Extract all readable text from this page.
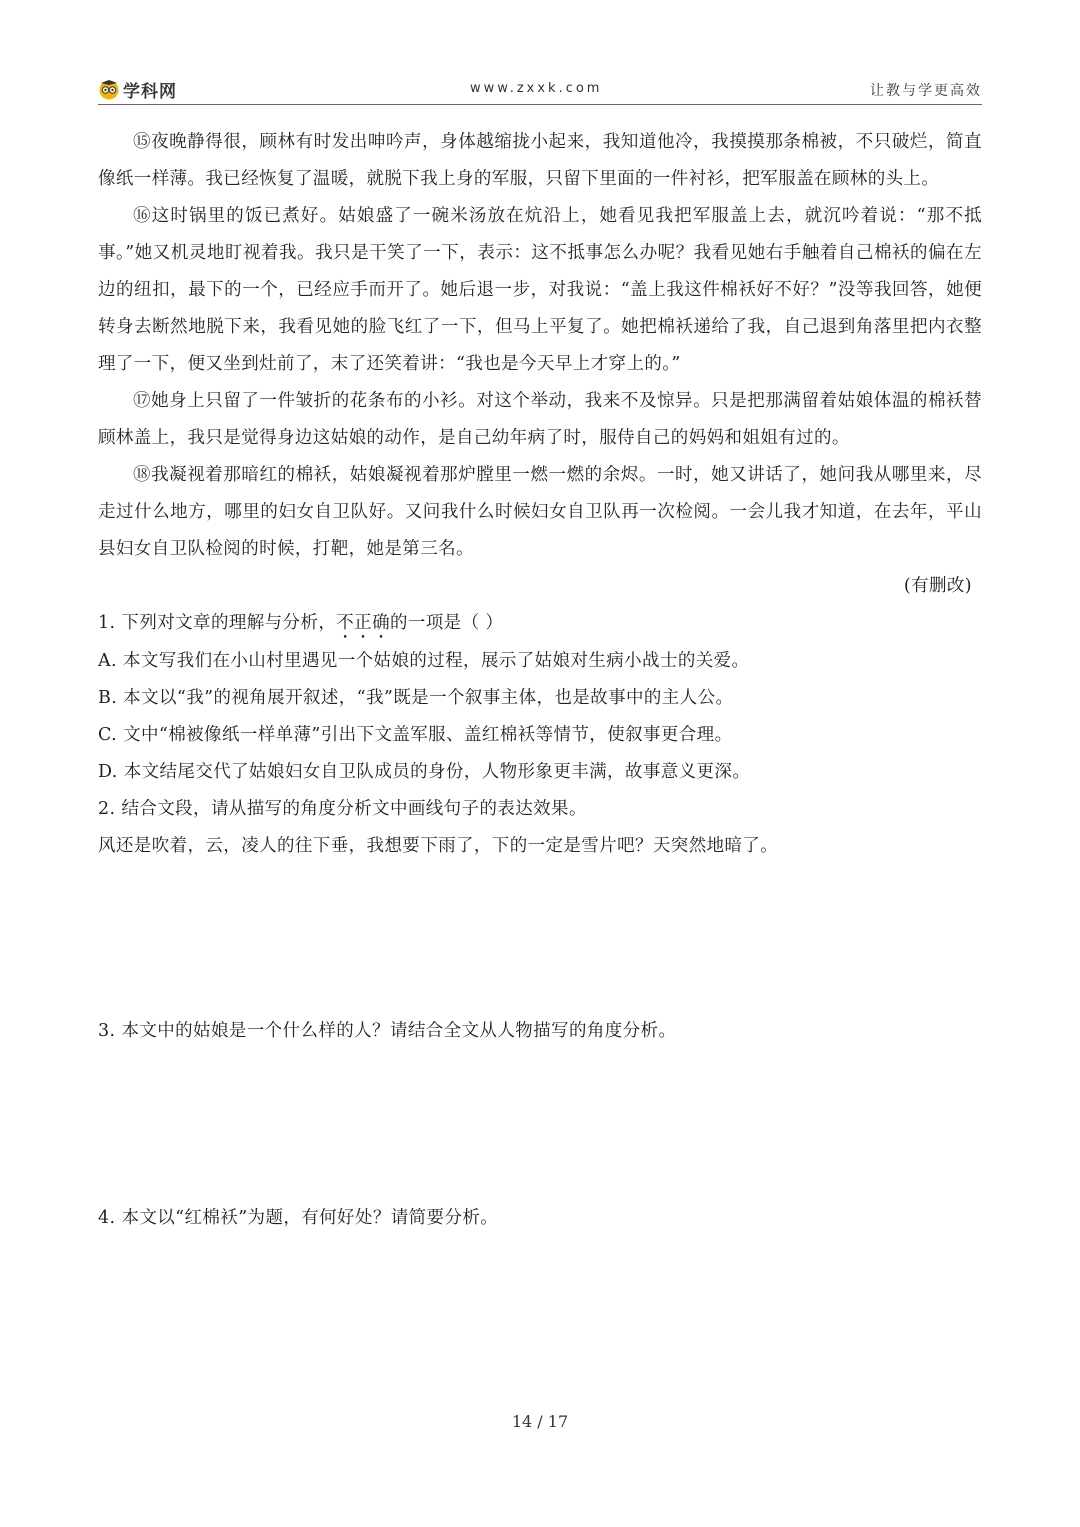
学科网	www.zxxk.com	让教与学更高效

⑮夜晚静得很，顾林有时发出呻吟声，身体越缩拢小起来，我知道他冷，我摸摸那条棉被，不只破烂，简直像纸一样薄。我已经恢复了温暖，就脱下我上身的军服，只留下里面的一件衬衫，把军服盖在顾林的头上。

⑯这时锅里的饭已煮好。姑娘盛了一碗米汤放在炕沿上，她看见我把军服盖上去，就沉吟着说：“那不抵事。”她又机灵地盯视着我。我只是干笑了一下，表示：这不抵事怎么办呢？我看见她右手触着自己棉袄的偏在左边的纽扣，最下的一个，已经应手而开了。她后退一步，对我说：“盖上我这件棉袄好不好？”没等我回答，她便转身去断然地脱下来，我看见她的脸飞红了一下，但马上平复了。她把棉袄递给了我，自己退到角落里把内衣整理了一下，便又坐到灶前了，末了还笑着讲：“我也是今天早上才穿上的。”

⑰她身上只留了一件皱折的花条布的小衫。对这个举动，我来不及惊异。只是把那满留着姑娘体温的棉袄替顾林盖上，我只是觉得身边这姑娘的动作，是自己幼年病了时，服侍自己的妈妈和姐姐有过的。

⑱我凝视着那暗红的棉袄，姑娘凝视着那炉膛里一燃一燃的余烬。一时，她又讲话了，她问我从哪里来，尽走过什么地方，哪里的妇女自卫队好。又问我什么时候妇女自卫队再一次检阅。一会儿我才知道，在去年，平山县妇女自卫队检阅的时候，打靶，她是第三名。

(有删改)

1. 下列对文章的理解与分析，不正确的一项是（ ）

A. 本文写我们在小山村里遇见一个姑娘的过程，展示了姑娘对生病小战士的关爱。

B. 本文以“我”的视角展开叙述，“我”既是一个叙事主体，也是故事中的主人公。

C. 文中“棉被像纸一样单薄”引出下文盖军服、盖红棉袄等情节，使叙事更合理。

D. 本文结尾交代了姑娘妇女自卫队成员的身份，人物形象更丰满，故事意义更深。

2. 结合文段，请从描写的角度分析文中画线句子的表达效果。

风还是吹着，云，凌人的往下垂，我想要下雨了，下的一定是雪片吧？天突然地暗了。

3. 本文中的姑娘是一个什么样的人？请结合全文从人物描写的角度分析。

4. 本文以“红棉袄”为题，有何好处？请简要分析。

14 / 17
